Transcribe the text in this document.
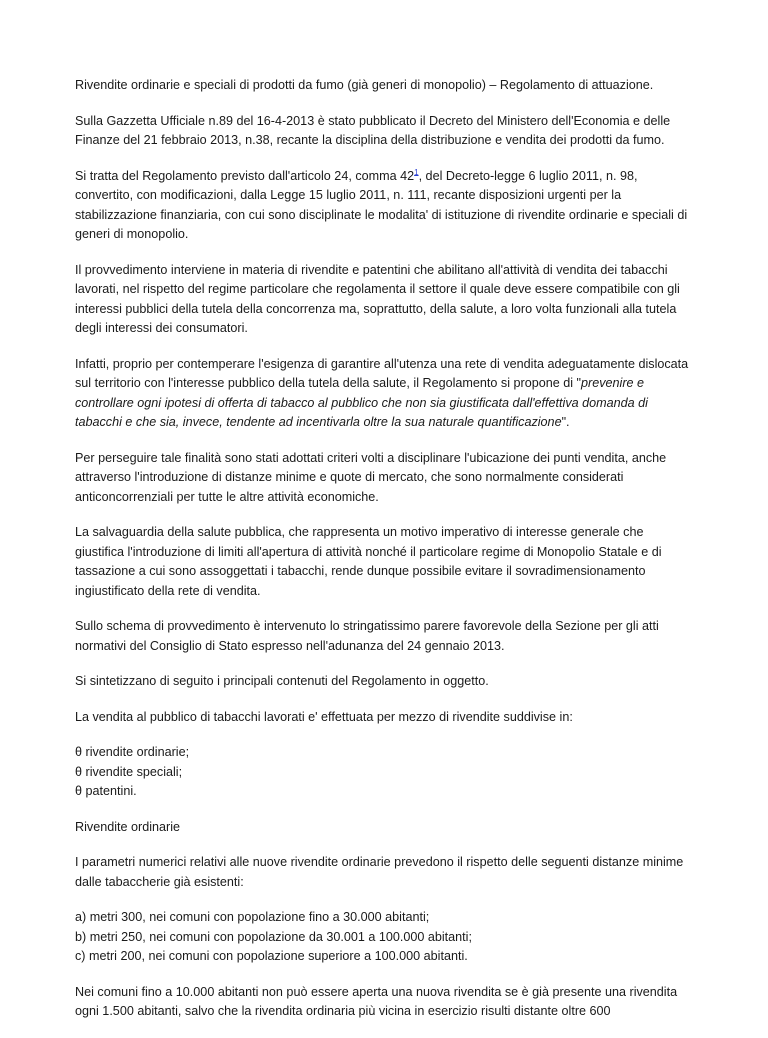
Rivendite ordinarie e speciali di prodotti da fumo (già generi di monopolio) – Regolamento di attuazione.

Sulla Gazzetta Ufficiale n.89 del 16-4-2013 è stato pubblicato il Decreto del Ministero dell'Economia e delle Finanze del 21 febbraio 2013, n.38, recante la disciplina della distribuzione e vendita dei prodotti da fumo.

Si tratta del Regolamento previsto dall'articolo 24, comma $42^1$, del Decreto-legge 6 luglio 2011, n. 98, convertito, con modificazioni, dalla Legge 15 luglio 2011, n. 111, recante disposizioni urgenti per la stabilizzazione finanziaria, con cui sono disciplinate le modalita' di istituzione di rivendite ordinarie e speciali di generi di monopolio.

Il provvedimento interviene in materia di rivendite e patentini che abilitano all'attività di vendita dei tabacchi lavorati, nel rispetto del regime particolare che regolamenta il settore il quale deve essere compatibile con gli interessi pubblici della tutela della concorrenza ma, soprattutto, della salute, a loro volta funzionali alla tutela degli interessi dei consumatori.

Infatti, proprio per contemperare l'esigenza di garantire all'utenza una rete di vendita adeguatamente dislocata sul territorio con l'interesse pubblico della tutela della salute, il Regolamento si propone di "prevenire e controllare ogni ipotesi di offerta di tabacco al pubblico che non sia giustificata dall'effettiva domanda di tabacchi e che sia, invece, tendente ad incentivarla oltre la sua naturale quantificazione".

Per perseguire tale finalità sono stati adottati criteri volti a disciplinare l'ubicazione dei punti vendita, anche attraverso l'introduzione di distanze minime e quote di mercato, che sono normalmente considerati anticoncorrenziali per tutte le altre attività economiche.

La salvaguardia della salute pubblica, che rappresenta un motivo imperativo di interesse generale che giustifica l'introduzione di limiti all'apertura di attività nonché il particolare regime di Monopolio Statale e di tassazione a cui sono assoggettati i tabacchi, rende dunque possibile evitare il sovradimensionamento ingiustificato della rete di vendita.

Sullo schema di provvedimento è intervenuto lo stringatissimo parere favorevole della Sezione per gli atti normativi del Consiglio di Stato espresso nell'adunanza del 24 gennaio 2013.

Si sintetizzano di seguito i principali contenuti del Regolamento in oggetto.

La vendita al pubblico di tabacchi lavorati e' effettuata per mezzo di rivendite suddivise in:

θ rivendite ordinarie;
θ rivendite speciali;
θ patentini.

Rivendite ordinarie

I parametri numerici relativi alle nuove rivendite ordinarie prevedono il rispetto delle seguenti distanze minime dalle tabaccherie già esistenti:

a) metri 300, nei comuni con popolazione fino a 30.000 abitanti;
b) metri 250, nei comuni con popolazione da 30.001 a 100.000 abitanti;
c) metri 200, nei comuni con popolazione superiore a 100.000 abitanti.

Nei comuni fino a 10.000 abitanti non può essere aperta una nuova rivendita se è già presente una rivendita ogni 1.500 abitanti, salvo che la rivendita ordinaria più vicina in esercizio risulti distante oltre 600
